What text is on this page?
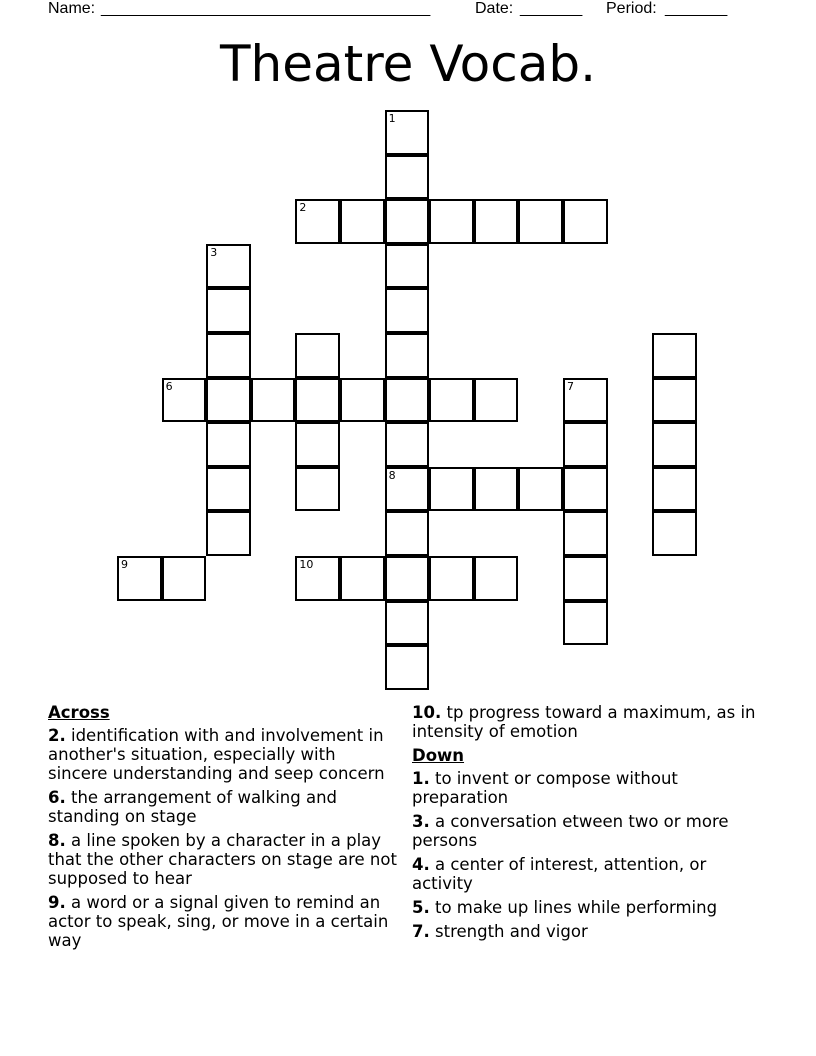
Name: _____________________________________	Date: _______ Period: _______
Theatre Vocab.
1
8
2
3
6	7
9	10
Across
2. identification with and involvement in another's situation, especially with sincere understanding and seep concern
6. the arrangement of walking and standing on stage
8. a line spoken by a character in a play that the other characters on stage are not supposed to hear
9. a word or a signal given to remind an actor to speak, sing, or move in a certain way
10. tp progress toward a maximum, as in intensity of emotion
Down
1. to invent or compose without preparation
3. a conversation etween two or more persons
4. a center of interest, attention, or activity
5. to make up lines while performing
7. strength and vigor
